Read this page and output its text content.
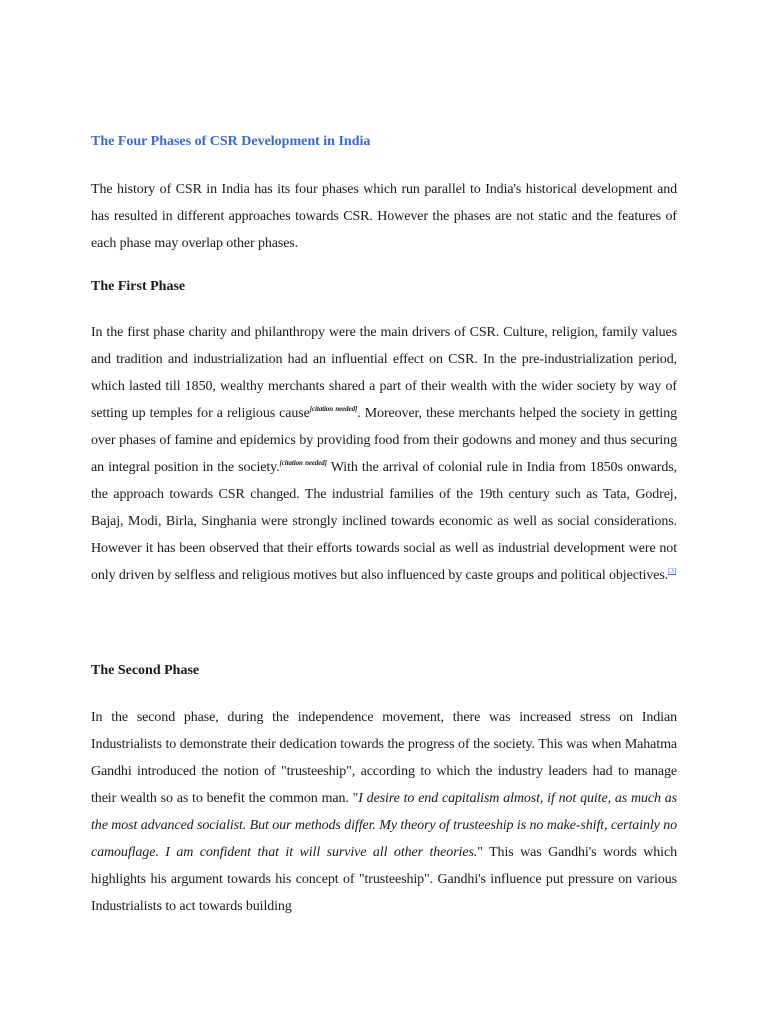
The Four Phases of CSR Development in India

The history of CSR in India has its four phases which run parallel to India's historical development and has resulted in different approaches towards CSR. However the phases are not static and the features of each phase may overlap other phases.

The First Phase

In the first phase charity and philanthropy were the main drivers of CSR. Culture, religion, family values and tradition and industrialization had an influential effect on CSR. In the pre-industrialization period, which lasted till 1850, wealthy merchants shared a part of their wealth with the wider society by way of setting up temples for a religious cause[citation needed]. Moreover, these merchants helped the society in getting over phases of famine and epidemics by providing food from their godowns and money and thus securing an integral position in the society.[citation needed] With the arrival of colonial rule in India from 1850s onwards, the approach towards CSR changed. The industrial families of the 19th century such as Tata, Godrej, Bajaj, Modi, Birla, Singhania were strongly inclined towards economic as well as social considerations. However it has been observed that their efforts towards social as well as industrial development were not only driven by selfless and religious motives but also influenced by caste groups and political objectives.[3]

The Second Phase

In the second phase, during the independence movement, there was increased stress on Indian Industrialists to demonstrate their dedication towards the progress of the society. This was when Mahatma Gandhi introduced the notion of "trusteeship", according to which the industry leaders had to manage their wealth so as to benefit the common man. "I desire to end capitalism almost, if not quite, as much as the most advanced socialist. But our methods differ. My theory of trusteeship is no make-shift, certainly no camouflage. I am confident that it will survive all other theories." This was Gandhi's words which highlights his argument towards his concept of "trusteeship". Gandhi's influence put pressure on various Industrialists to act towards building
